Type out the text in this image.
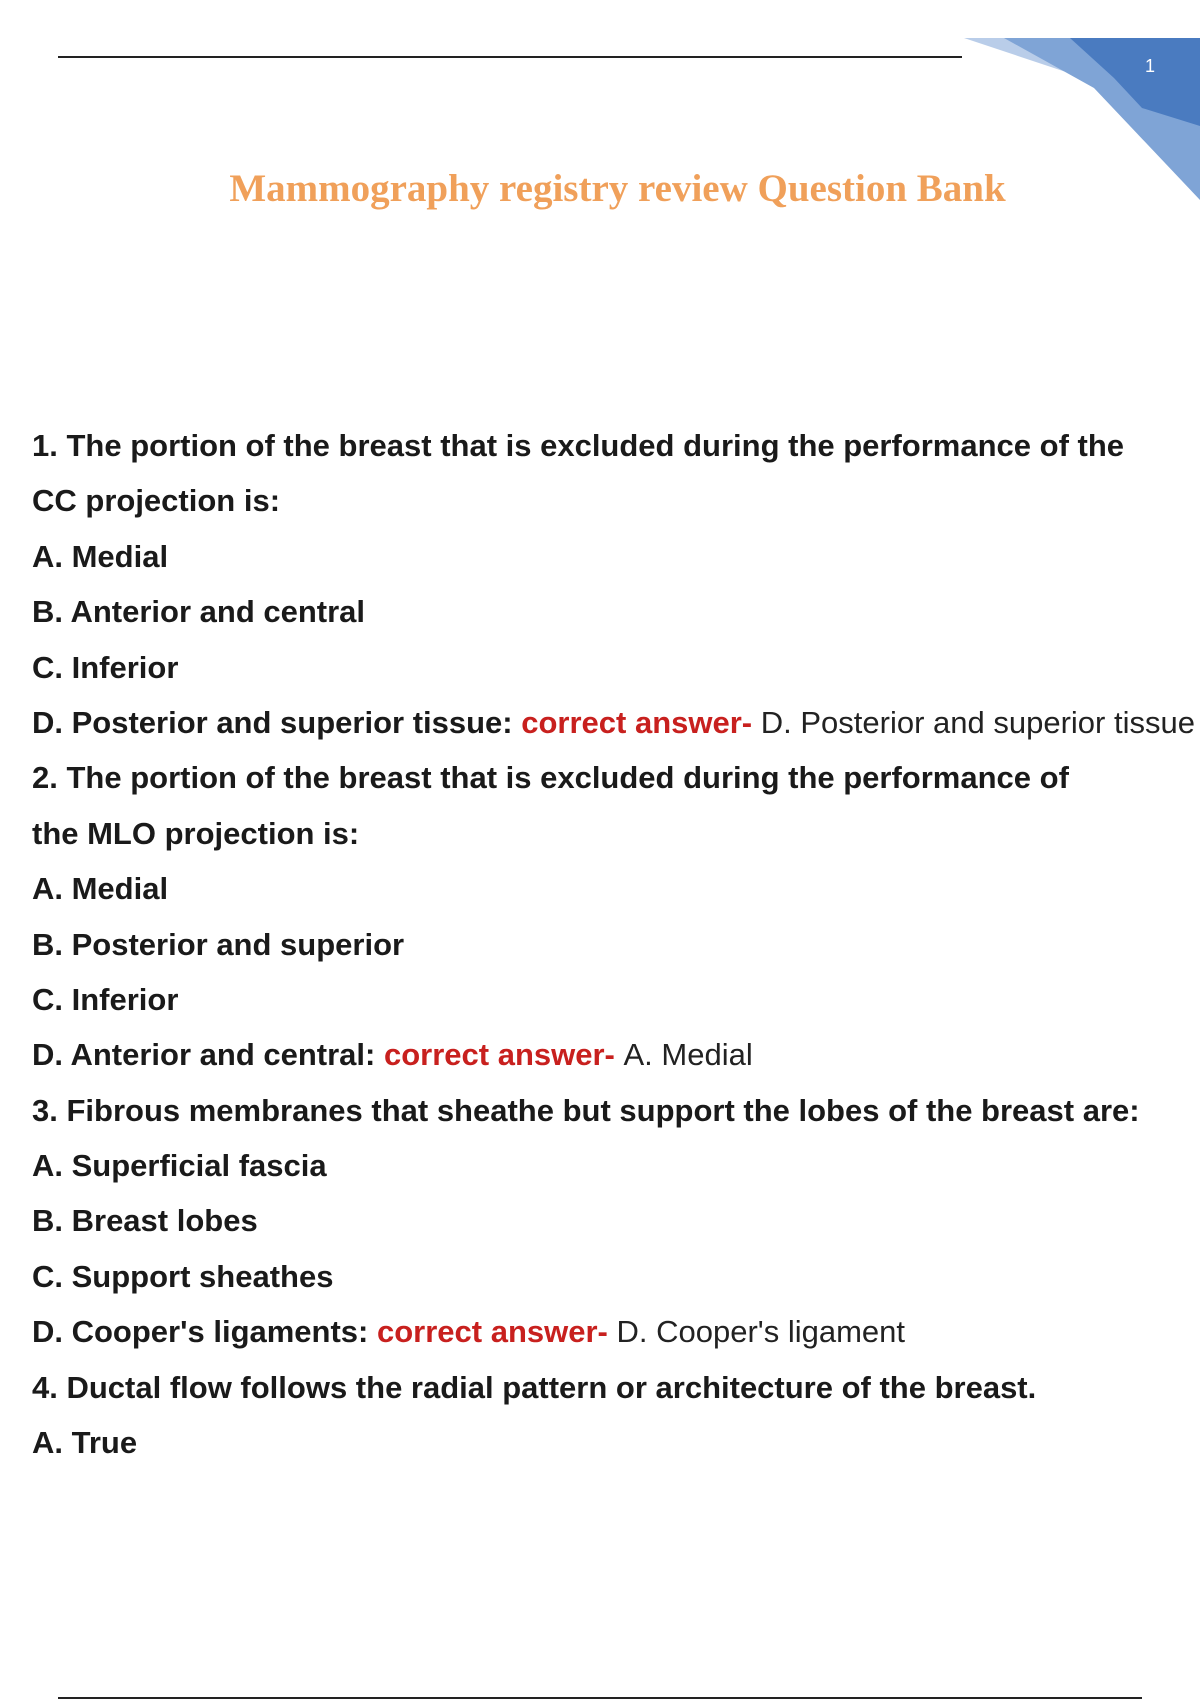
1
Mammography registry review Question Bank
1. The portion of the breast that is excluded during the performance of the
CC projection is:
A. Medial
B. Anterior and central
C. Inferior
D. Posterior and superior tissue: correct answer- D. Posterior and superior tissue
2. The portion of the breast that is excluded during the performance of
the MLO projection is:
A. Medial
B. Posterior and superior
C. Inferior
D. Anterior and central: correct answer- A. Medial
3. Fibrous membranes that sheathe but support the lobes of the breast are:
A. Superficial fascia
B. Breast lobes
C. Support sheathes
D. Cooper's ligaments: correct answer- D. Cooper's ligament
4. Ductal flow follows the radial pattern or architecture of the breast.
A. True
